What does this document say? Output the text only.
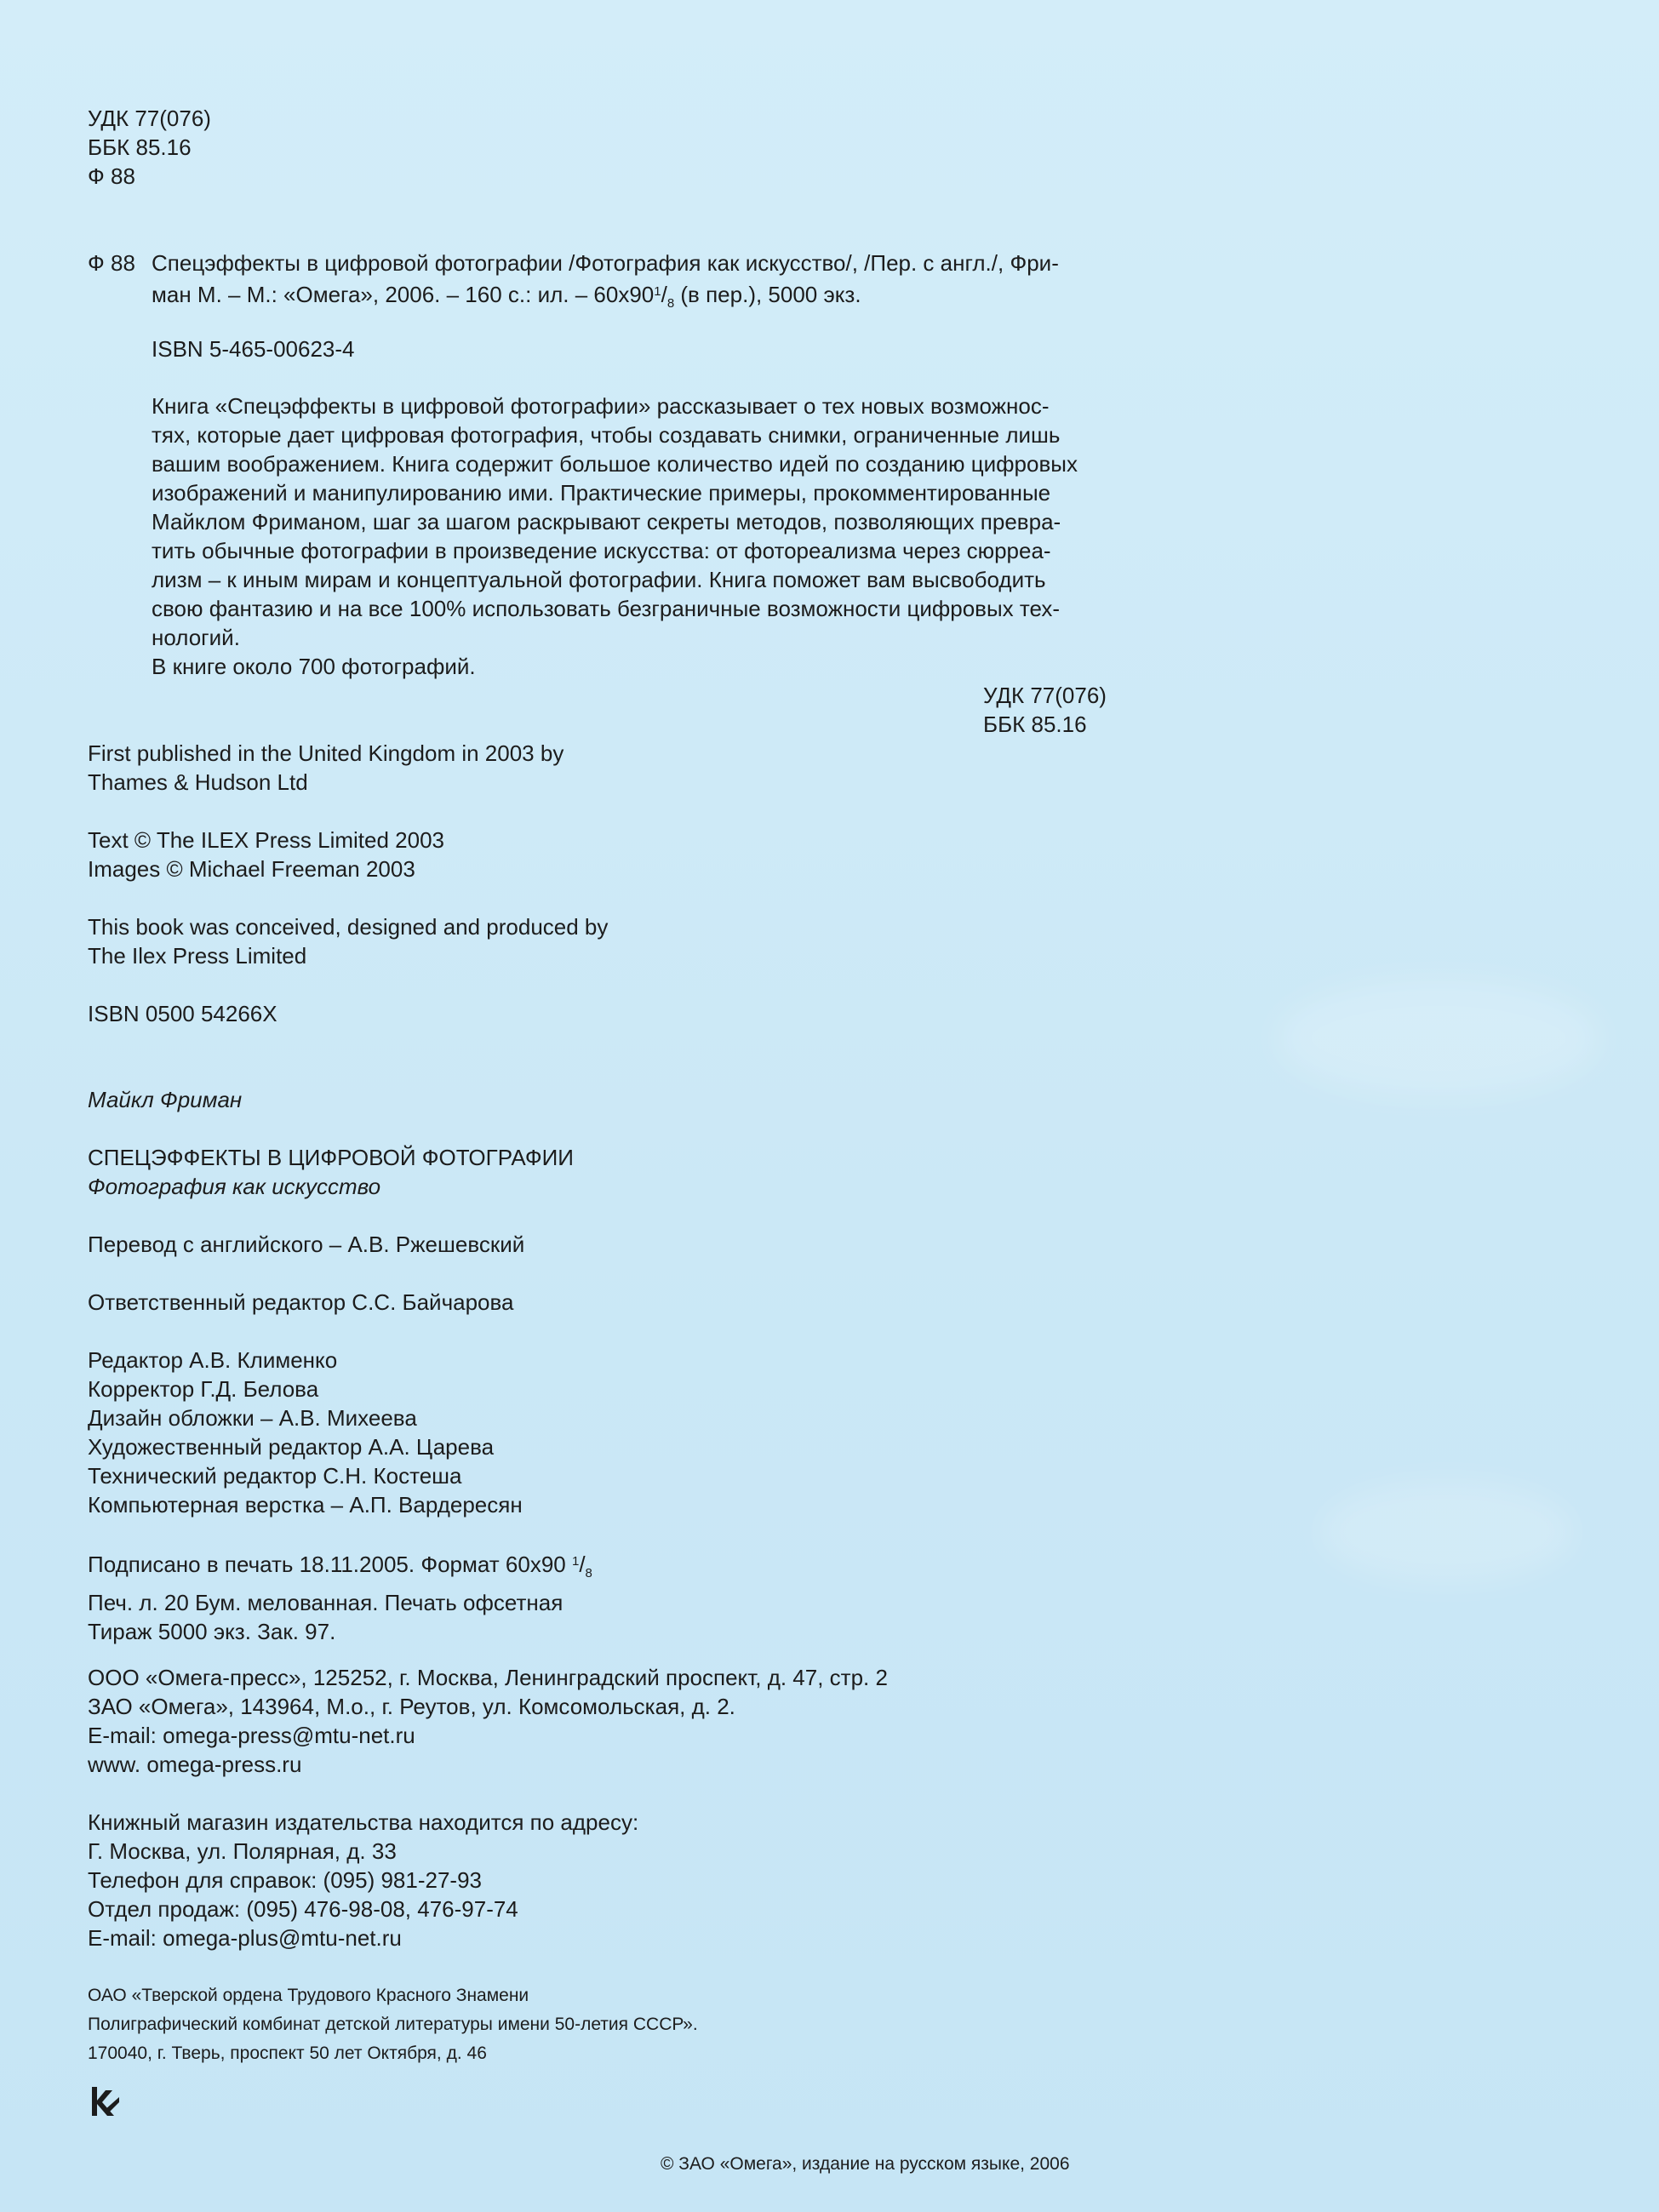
УДК 77(076)
ББК 85.16
Ф 88
Ф 88 Спецэффекты в цифровой фотографии /Фотография как искусство/, /Пер. с англ./, Фри-
ман М. – М.: «Омега», 2006. – 160 с.: ил. – $60x90^1/_8$ (в пер.), 5000 экз.
ISBN 5-465-00623-4
Книга «Спецэффекты в цифровой фотографии» рассказывает о тех новых возможнос-
тях, которые дает цифровая фотография, чтобы создавать снимки, ограниченные лишь
вашим воображением. Книга содержит большое количество идей по созданию цифровых
изображений и манипулированию ими. Практические примеры, прокомментированные
Майклом Фриманом, шаг за шагом раскрывают секреты методов, позволяющих превра-
тить обычные фотографии в произведение искусства: от фотореализма через сюррea-
лизм – к иным мирам и концептуальной фотографии. Книга поможет вам высвободить
свою фантазию и на все 100% использовать безграничные возможности цифровых тех-
нологий.
В книге около 700 фотографий.
УДК 77(076)
ББК 85.16
First published in the United Kingdom in 2003 by
Thames & Hudson Ltd
Text © The ILEX Press Limited 2003
Images © Michael Freeman 2003
This book was conceived, designed and produced by
The Ilex Press Limited
ISBN 0500 54266X
Майкл Фриман
СПЕЦЭФФЕКТЫ В ЦИФРОВОЙ ФОТОГРАФИИ
Фотография как искусство
Перевод с английского – А.В. Ржешевский
Ответственный редактор С.С. Байчарова
Редактор А.В. Клименко
Корректор Г.Д. Белова
Дизайн обложки – А.В. Михеева
Художественный редактор А.А. Царева
Технический редактор С.Н. Костеша
Компьютерная верстка – А.П. Вардересян
Подписано в печать 18.11.2005. Формат 60x90 $^1/_8$
Печ. л. 20 Бум. мелованная. Печать офсетная
Тираж 5000 экз. Зак. 97.
ООО «Омега-пресс», 125252, г. Москва, Ленинградский проспект, д. 47, стр. 2
ЗАО «Омега», 143964, М.о., г. Реутов, ул. Комсомольская, д. 2.
E-mail: omega-press@mtu-net.ru
www. omega-press.ru
Книжный магазин издательства находится по адресу:
Г. Москва, ул. Полярная, д. 33
Телефон для справок: (095) 981-27-93
Отдел продаж: (095) 476-98-08, 476-97-74
E-mail: omega-plus@mtu-net.ru
ОАО «Тверской ордена Трудового Красного Знамени
Полиграфический комбинат детской литературы имени 50-летия СССР».
170040, г. Тверь, проспект 50 лет Октября, д. 46
© ЗАО «Омега», издание на русском языке, 2006
